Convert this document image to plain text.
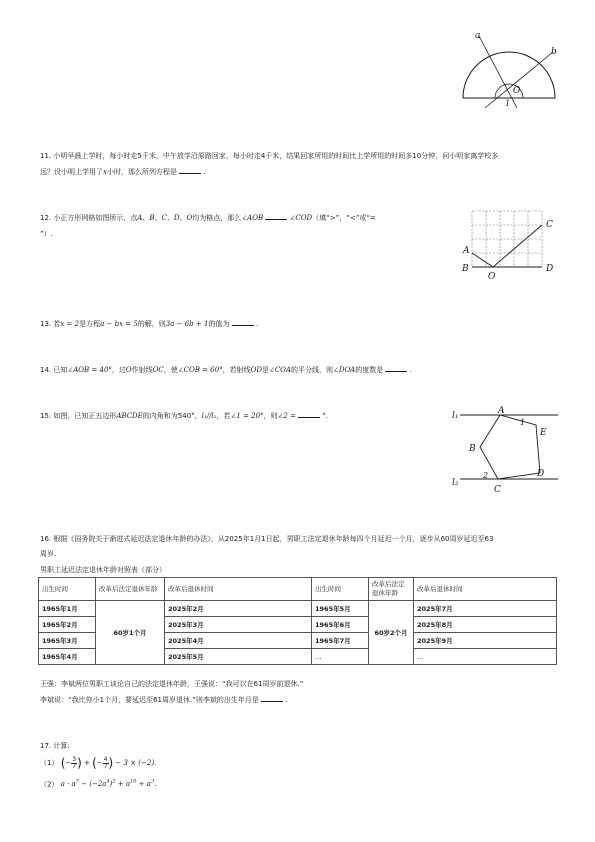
a
b
O
1
11. 小明早晨上学时，每小时走5千米，中午放学沿原路回家，每小时走4千米，结果回家所用的时间比上学所用的时间多10分钟，问小明家离学校多
远？设小明上学用了x小时，那么所列方程是	.
12. 小正方形网格如图所示，点A、B、C、D、O均为格点，那么∠AOB	∠COD（填“>”，“<”或“=
”）.
A
B
C
D
O
13. 若x = 2是方程a − bx = 5的解，则3a − 6b + 1的值为	.
14. 已知∠AOB = 40°，过O作射线OC，使∠COB = 60°，若射线OD是∠COA的平分线，则∠DOA的度数是	.
15. 如图，已知正五边形ABCDE的内角和为540°，l₁//l₂，若∠1 = 20°，则∠2 =	°.	l₁
l₂
A
E
B
D
C
1
2
16. 根据《国务院关于渐进式延迟法定退休年龄的办法》，从2025年1月1日起，男职工法定退休年龄每四个月延迟一个月，逐步从60周岁延迟至63
周岁.
男职工延迟法定退休年龄对照表（部分）
出生时间	改革后法定退休年龄	改革后退休时间	出生时间	改革后法定退休年龄	改革后退休时间
1965年1月	60岁1个月	2025年2月	1965年5月	60岁2个月	2025年7月
1965年2月		2025年3月	1965年6月		2025年8月
1965年3月		2025年4月	1965年7月		2025年9月
1965年4月		2025年5月	…		…
王强：李斌两位男职工谈论自己的法定退休年龄，王强说：“我可以在61周岁前退休.”
李斌说：“我比你小1个月，要延迟至61周岁退休.”则李斌的出生年月是	.
17. 计算:
（1） (− $\frac{3}{7}$ ) + (− $\frac{4}{7}$ ) − 3 × (−2).
（2） $a \cdot a^7 - (-2a^4)^2 + a^{10} \div a^3$.
